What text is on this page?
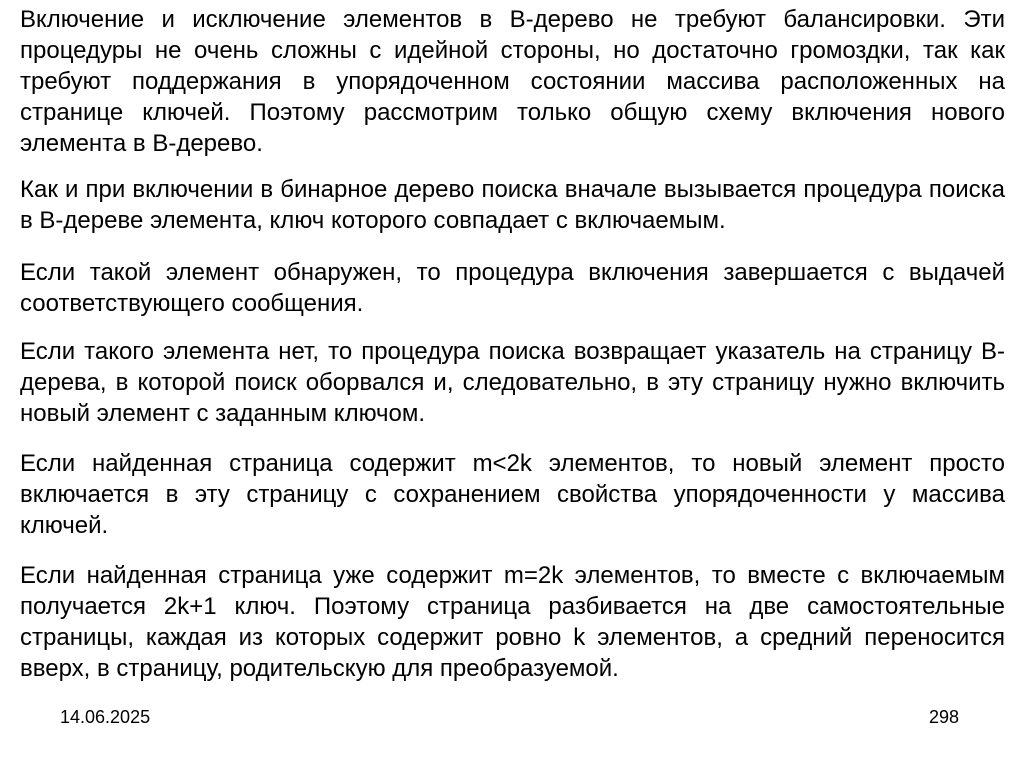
Включение и исключение элементов в B-дерево не требуют балансировки. Эти процедуры не очень сложны с идейной стороны, но достаточно громоздки, так как требуют поддержания в упорядоченном состоянии массива расположенных на странице ключей. Поэтому рассмотрим только общую схему включения нового элемента в B-дерево.

Как и при включении в бинарное дерево поиска вначале вызывается процедура поиска в B-дереве элемента, ключ которого совпадает с включаемым.

Если такой элемент обнаружен, то процедура включения завершается с выдачей соответствующего сообщения.

Если такого элемента нет, то процедура поиска возвращает указатель на страницу B-дерева, в которой поиск оборвался и, следовательно, в эту страницу нужно включить новый элемент с заданным ключом.

Если найденная страница содержит m<2k элементов, то новый элемент просто включается в эту страницу с сохранением свойства упорядоченности у массива ключей.

Если найденная страница уже содержит m=2k элементов, то вместе с включаемым получается 2k+1 ключ. Поэтому страница разбивается на две самостоятельные страницы, каждая из которых содержит ровно k элементов, а средний переносится вверх, в страницу, родительскую для преобразуемой.

14.06.2025	298
